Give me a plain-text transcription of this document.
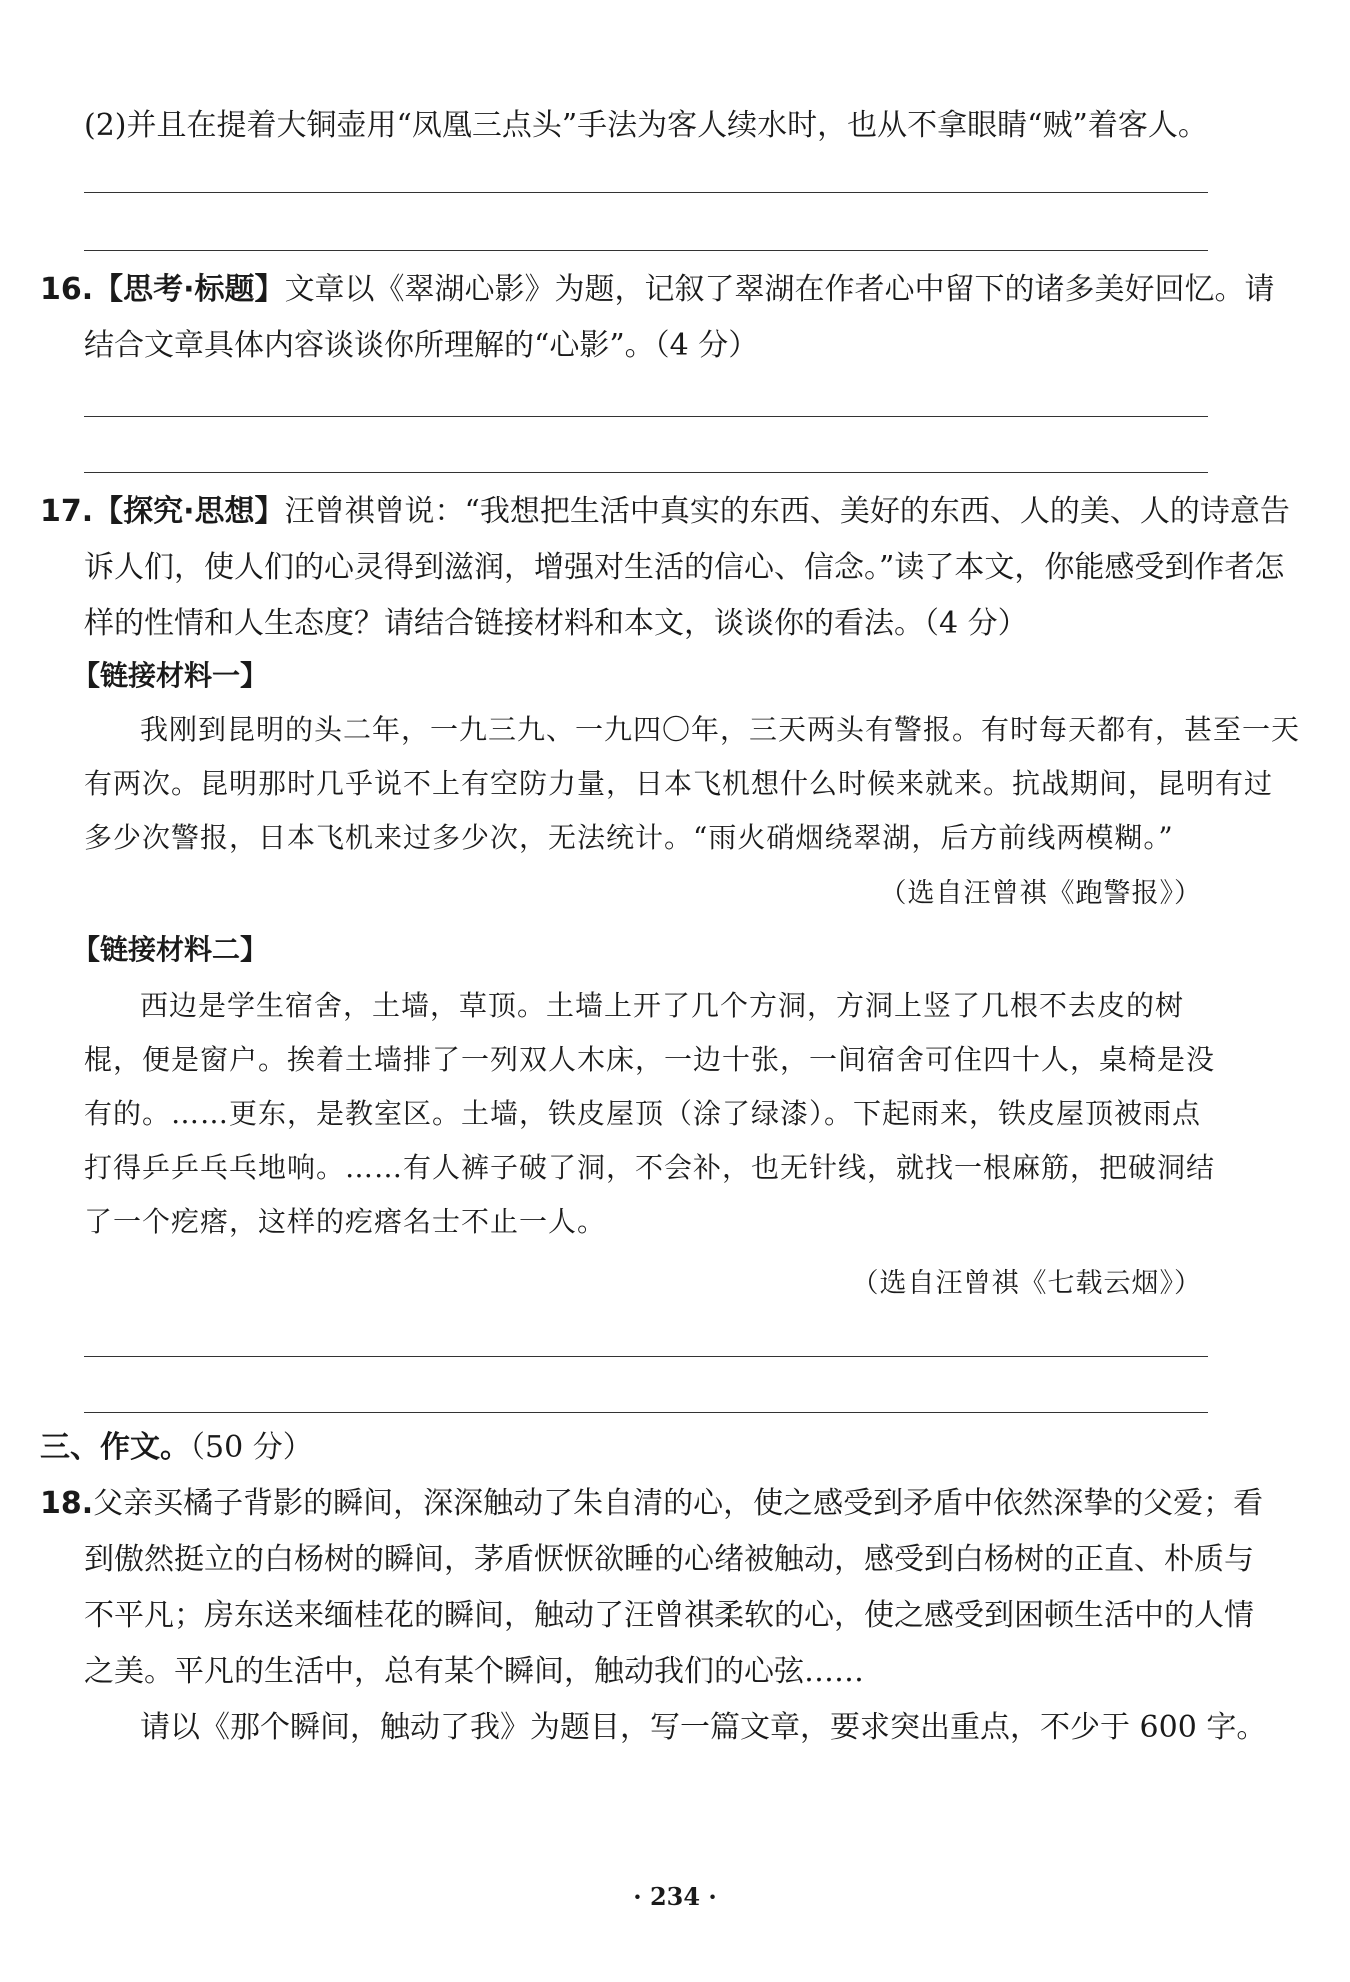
(2)并且在提着大铜壶用“凤凰三点头”手法为客人续水时，也从不拿眼睛“贼”着客人。
16.【思考·标题】文章以《翠湖心影》为题，记叙了翠湖在作者心中留下的诸多美好回忆。请
结合文章具体内容谈谈你所理解的“心影”。（4 分）
17.【探究·思想】汪曾祺曾说：“我想把生活中真实的东西、美好的东西、人的美、人的诗意告
诉人们，使人们的心灵得到滋润，增强对生活的信心、信念。”读了本文，你能感受到作者怎
样的性情和人生态度？请结合链接材料和本文，谈谈你的看法。（4 分）
【链接材料一】
我刚到昆明的头二年，一九三九、一九四〇年，三天两头有警报。有时每天都有，甚至一天
有两次。昆明那时几乎说不上有空防力量，日本飞机想什么时候来就来。抗战期间，昆明有过
多少次警报，日本飞机来过多少次，无法统计。“雨火硝烟绕翠湖，后方前线两模糊。”
（选自汪曾祺《跑警报》）
【链接材料二】
西边是学生宿舍，土墙，草顶。土墙上开了几个方洞，方洞上竖了几根不去皮的树
棍，便是窗户。挨着土墙排了一列双人木床，一边十张，一间宿舍可住四十人，桌椅是没
有的。……更东，是教室区。土墙，铁皮屋顶（涂了绿漆）。下起雨来，铁皮屋顶被雨点
打得乒乒乓乓地响。……有人裤子破了洞，不会补，也无针线，就找一根麻筋，把破洞结
了一个疙瘩，这样的疙瘩名士不止一人。
（选自汪曾祺《七载云烟》）
三、作文。（50 分）
18.父亲买橘子背影的瞬间，深深触动了朱自清的心，使之感受到矛盾中依然深挚的父爱；看
到傲然挺立的白杨树的瞬间，茅盾恹恹欲睡的心绪被触动，感受到白杨树的正直、朴质与
不平凡；房东送来缅桂花的瞬间，触动了汪曾祺柔软的心，使之感受到困顿生活中的人情
之美。平凡的生活中，总有某个瞬间，触动我们的心弦……
请以《那个瞬间，触动了我》为题目，写一篇文章，要求突出重点，不少于 600 字。
· 234 ·
